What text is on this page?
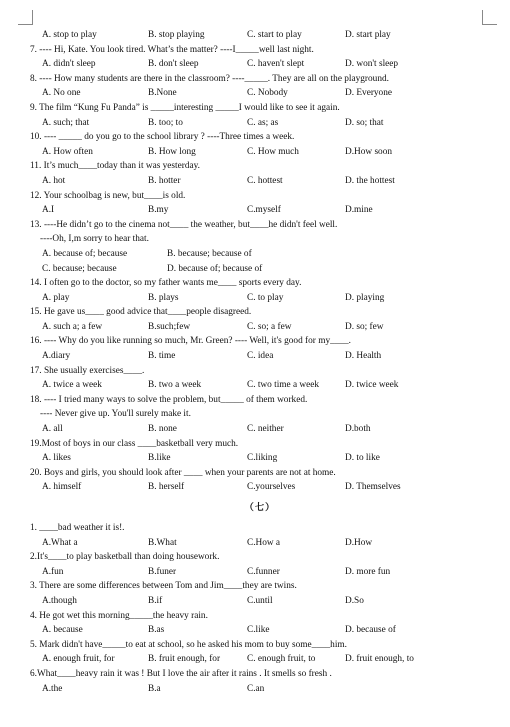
A. stop to play	B. stop playing	C. start to play	D. start play
7. ---- Hi, Kate. You look tired. What’s the matter? ----I_____well last night.
A. didn't sleep	B. don't sleep	C. haven't slept	D. won't sleep
8. ---- How many students are there in the classroom? ----_____. They are all on the playground.
A. No one	B.None	C. Nobody	D. Everyone
9. The film “Kung Fu Panda” is _____interesting _____I would like to see it again.
A. such; that	B. too; to	C. as; as	D. so; that
10. ---- _____ do you go to the school library ? ----Three times a week.
A. How often	B. How long	C. How much	D.How soon
11. It’s much____today than it was yesterday.
A. hot	B. hotter	C. hottest	D. the hottest
12. Your schoolbag is new, but____is old.
A.I	B.my	C.myself	D.mine
13. ----He didn’t go to the cinema not____ the weather, but____he didn't feel well.
----Oh, I,m sorry to hear that.
A. because of; because	B. because; because of
C. because; because	D. because of; because of
14. I often go to the doctor, so my father wants me____ sports every day.
A. play	B. plays	C. to play	D. playing
15. He gave us____ good advice that____people disagreed.
A. such a; a few	B.such;few	C. so; a few	D. so; few
16. ---- Why do you like running so much, Mr. Green? ---- Well, it's good for my____.
A.diary	B. time	C. idea	D. Health
17. She usually exercises____.
A. twice a week	B. two a week	C. two time a week	D. twice week
18. ---- I tried many ways to solve the problem, but_____ of them worked.
---- Never give up. You'll surely make it.
A. all	B. none	C. neither	D.both
19.Most of boys in our class ____basketball very much.
A. likes	B.like	C.liking	D. to like
20. Boys and girls, you should look after ____ when your parents are not at home.
A. himself	B. herself	C.yourselves	D. Themselves
（七）
1. ____bad weather it is!.
A.What a	B.What	C.How a	D.How
2.It's____to play basketball than doing housework.
A.fun	B.funer	C.funner	D. more fun
3. There are some differences between Tom and Jim____they are twins.
A.though	B.if	C.until	D.So
4. He got wet this morning_____the heavy rain.
A. because	B.as	C.like	D. because of
5. Mark didn't have_____to eat at school, so he asked his mom to buy some____him.
A. enough fruit, for	B. fruit enough, for	C. enough fruit, to	D. fruit enough, to
6.What____heavy rain it was ! But I love the air after it rains . It smells so fresh .
A.the	B.a	C.an
